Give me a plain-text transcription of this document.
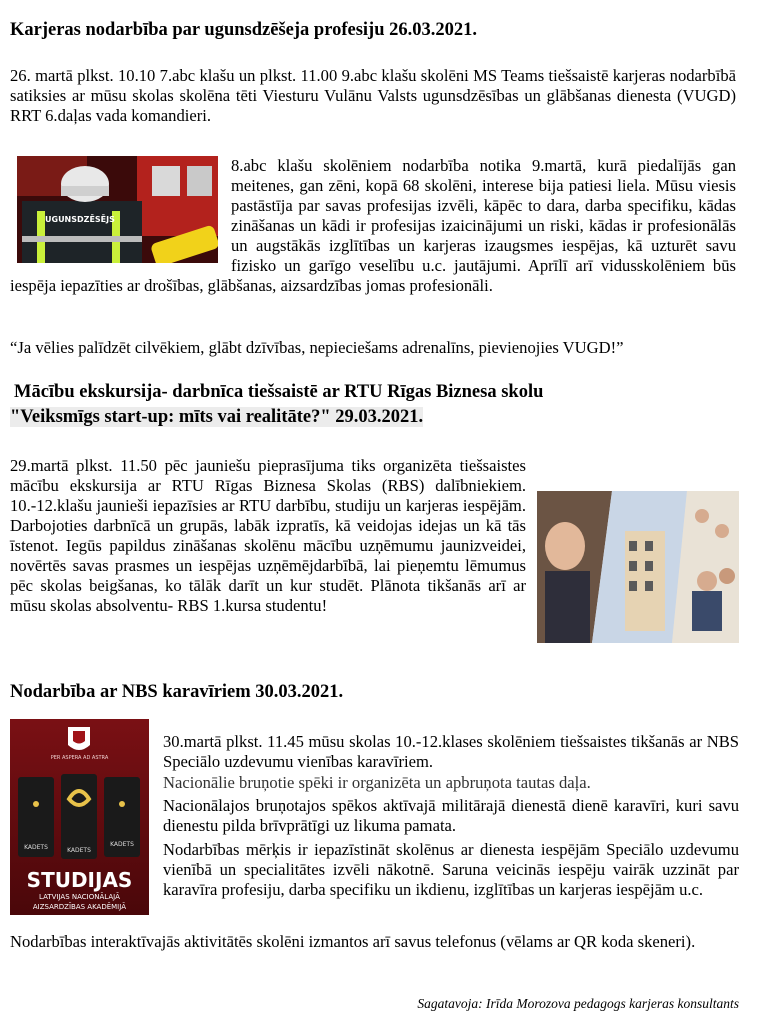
Karjeras nodarbība par ugunsdzēšeja profesiju 26.03.2021.
26. martā plkst. 10.10 7.abc klašu un plkst. 11.00 9.abc klašu skolēni MS Teams tiešsaistē karjeras nodarbībā satiksies ar mūsu skolas skolēna tēti Viesturu Vulānu Valsts ugunsdzēsības un glābšanas dienesta (VUGD) RRT 6.daļas vada komandieri.
UGUNSDZĒSĒJS
8.abc klašu skolēniem nodarbība notika 9.martā, kurā piedalījās gan meitenes, gan zēni, kopā 68 skolēni, interese bija patiesi liela. Mūsu viesis pastāstīja par savas profesijas izvēli, kāpēc to dara, darba specifiku, kādas zināšanas un kādi ir profesijas izaicinājumi un riski, kādas ir profesionālās un augstākās izglītības un karjeras izaugsmes iespējas, kā uzturēt savu fizisko un garīgo veselību u.c. jautājumi. Aprīlī arī vidusskolēniem būs iespēja iepazīties ar drošības, glābšanas, aizsardzības jomas profesionāli.
“Ja vēlies palīdzēt cilvēkiem, glābt dzīvības, nepieciešams adrenalīns, pievienojies VUGD!”
Mācību ekskursija- darbnīca tiešsaistē ar RTU Rīgas Biznesa skolu
"Veiksmīgs start-up: mīts vai realitāte?" 29.03.2021.
29.martā plkst. 11.50 pēc jauniešu pieprasījuma tiks organizēta tiešsaistes mācību ekskursija ar RTU Rīgas Biznesa Skolas (RBS) dalībniekiem. 10.-12.klašu jaunieši iepazīsies ar RTU darbību, studiju un karjeras iespējām. Darbojoties darbnīcā un grupās, labāk izpratīs, kā veidojas idejas un kā tās īstenot. Iegūs papildus zināšanas skolēnu mācību uzņēmumu jaunizveidei, novērtēs savas prasmes un iespējas uzņēmējdarbībā, lai pieņemtu lēmumus pēc skolas beigšanas, ko tālāk darīt un kur studēt. Plānota tikšanās arī ar mūsu skolas absolventu- RBS 1.kursa studentu!
Nodarbība ar NBS karavīriem 30.03.2021.
PER ASPERA AD ASTRA
KADETS	KADETS
KADETS
STUDIJAS
LATVIJAS NACIONĀLAJĀ
AIZSARDZĪBAS AKADĒMIJĀ
30.martā plkst. 11.45 mūsu skolas 10.-12.klases skolēniem tiešsaistes tikšanās ar NBS Speciālo uzdevumu vienības karavīriem.
Nacionālie bruņotie spēki ir organizēta un apbruņota tautas daļa.
Nacionālajos bruņotajos spēkos aktīvajā militārajā dienestā dienē karavīri, kuri savu dienestu pilda brīvprātīgi uz likuma pamata.
Nodarbības mērķis ir iepazīstināt skolēnus ar dienesta iespējām Speciālo uzdevumu vienībā un specialitātes izvēli nākotnē. Saruna veicinās iespēju vairāk uzzināt par karavīra profesiju, darba specifiku un ikdienu, izglītības un karjeras iespējām u.c.
Nodarbības interaktīvajās aktivitātēs skolēni izmantos arī savus telefonus (vēlams ar QR koda skeneri).
Sagatavoja: Irīda Morozova pedagogs karjeras konsultants
